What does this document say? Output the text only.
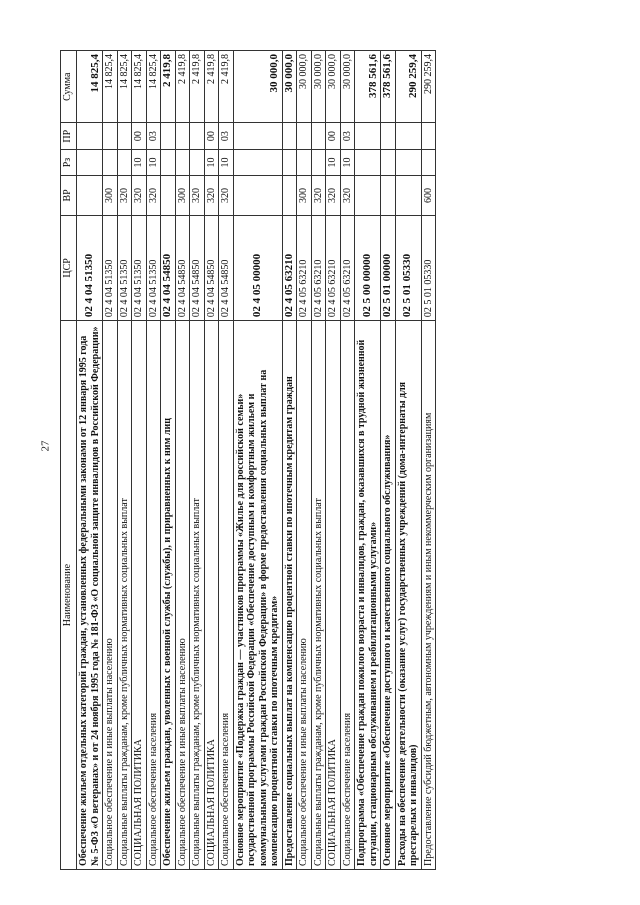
27
Наименование	ЦСР	ВР	Рз	ПР	Сумма
Обеспечение жильем отдельных категорий граждан, установленных федеральными законами от 12 января 1995 года № 5-ФЗ «О ветеранах» и от 24 ноября 1995 года № 181-ФЗ «О социальной защите инвалидов в Российской Федерации»	02 4 04 51350				14 825,4
Социальное обеспечение и иные выплаты населению	02 4 04 51350	300			14 825,4
Социальные выплаты гражданам, кроме публичных нормативных социальных выплат	02 4 04 51350	320			14 825,4
СОЦИАЛЬНАЯ ПОЛИТИКА	02 4 04 51350	320	10	00	14 825,4
Социальное обеспечение населения	02 4 04 51350	320	10	03	14 825,4
Обеспечение жильем граждан, уволенных с военной службы (службы), и приравненных к ним лиц	02 4 04 54850				2 419,8
Социальное обеспечение и иные выплаты населению	02 4 04 54850	300			2 419,8
Социальные выплаты гражданам, кроме публичных нормативных социальных выплат	02 4 04 54850	320			2 419,8
СОЦИАЛЬНАЯ ПОЛИТИКА	02 4 04 54850	320	10	00	2 419,8
Социальное обеспечение населения	02 4 04 54850	320	10	03	2 419,8
Основное мероприятие «Поддержка граждан — участников программы «Жилье для российской семьи» государственной программы Российской Федерации «Обеспечение доступным и комфортным жильем и коммунальными услугами граждан Российской Федерации» в форме предоставления социальных выплат на компенсацию процентной ставки по ипотечным кредитам»	02 4 05 00000				30 000,0
Предоставление социальных выплат на компенсацию процентной ставки по ипотечным кредитам граждан	02 4 05 63210				30 000,0
Социальное обеспечение и иные выплаты населению	02 4 05 63210	300			30 000,0
Социальные выплаты гражданам, кроме публичных нормативных социальных выплат	02 4 05 63210	320			30 000,0
СОЦИАЛЬНАЯ ПОЛИТИКА	02 4 05 63210	320	10	00	30 000,0
Социальное обеспечение населения	02 4 05 63210	320	10	03	30 000,0
Подпрограмма «Обеспечение граждан пожилого возраста и инвалидов, граждан, оказавшихся в трудной жизненной ситуации, стационарным обслуживанием и реабилитационными услугами»	02 5 00 00000				378 561,6
Основное мероприятие «Обеспечение доступного и качественного социального обслуживания»	02 5 01 00000				378 561,6
Расходы на обеспечение деятельности (оказание услуг) государственных учреждений (дома-интернаты для престарелых и инвалидов)	02 5 01 05330				290 259,4
Предоставление субсидий бюджетным, автономным учреждениям и иным некоммерческим организациям	02 5 01 05330	600			290 259,4
